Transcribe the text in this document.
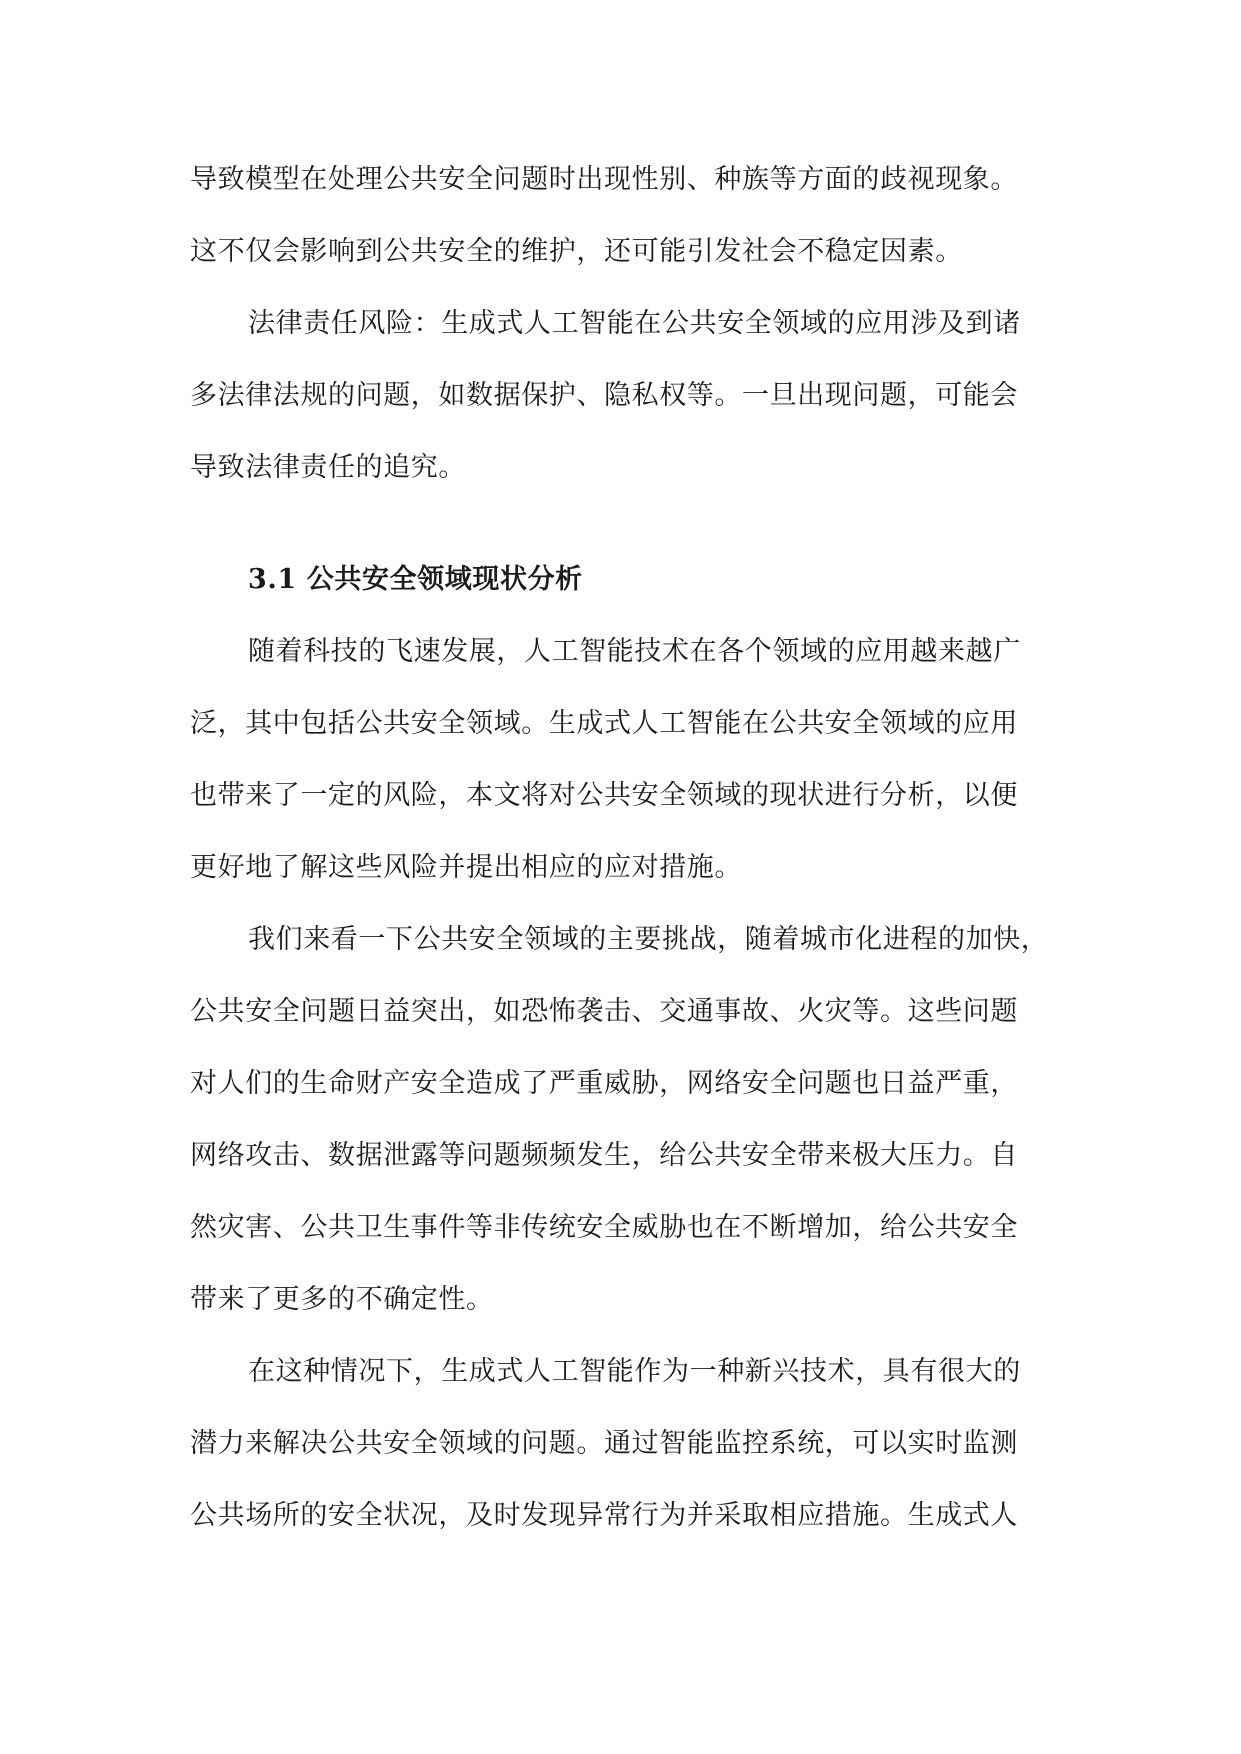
导致模型在处理公共安全问题时出现性别、种族等方面的歧视现象。
这不仅会影响到公共安全的维护，还可能引发社会不稳定因素。
法律责任风险：生成式人工智能在公共安全领域的应用涉及到诸
多法律法规的问题，如数据保护、隐私权等。一旦出现问题，可能会
导致法律责任的追究。
3.1 公共安全领域现状分析
随着科技的飞速发展，人工智能技术在各个领域的应用越来越广
泛，其中包括公共安全领域。生成式人工智能在公共安全领域的应用
也带来了一定的风险，本文将对公共安全领域的现状进行分析，以便
更好地了解这些风险并提出相应的应对措施。
我们来看一下公共安全领域的主要挑战，随着城市化进程的加快，
公共安全问题日益突出，如恐怖袭击、交通事故、火灾等。这些问题
对人们的生命财产安全造成了严重威胁，网络安全问题也日益严重，
网络攻击、数据泄露等问题频频发生，给公共安全带来极大压力。自
然灾害、公共卫生事件等非传统安全威胁也在不断增加，给公共安全
带来了更多的不确定性。
在这种情况下，生成式人工智能作为一种新兴技术，具有很大的
潜力来解决公共安全领域的问题。通过智能监控系统，可以实时监测
公共场所的安全状况，及时发现异常行为并采取相应措施。生成式人
